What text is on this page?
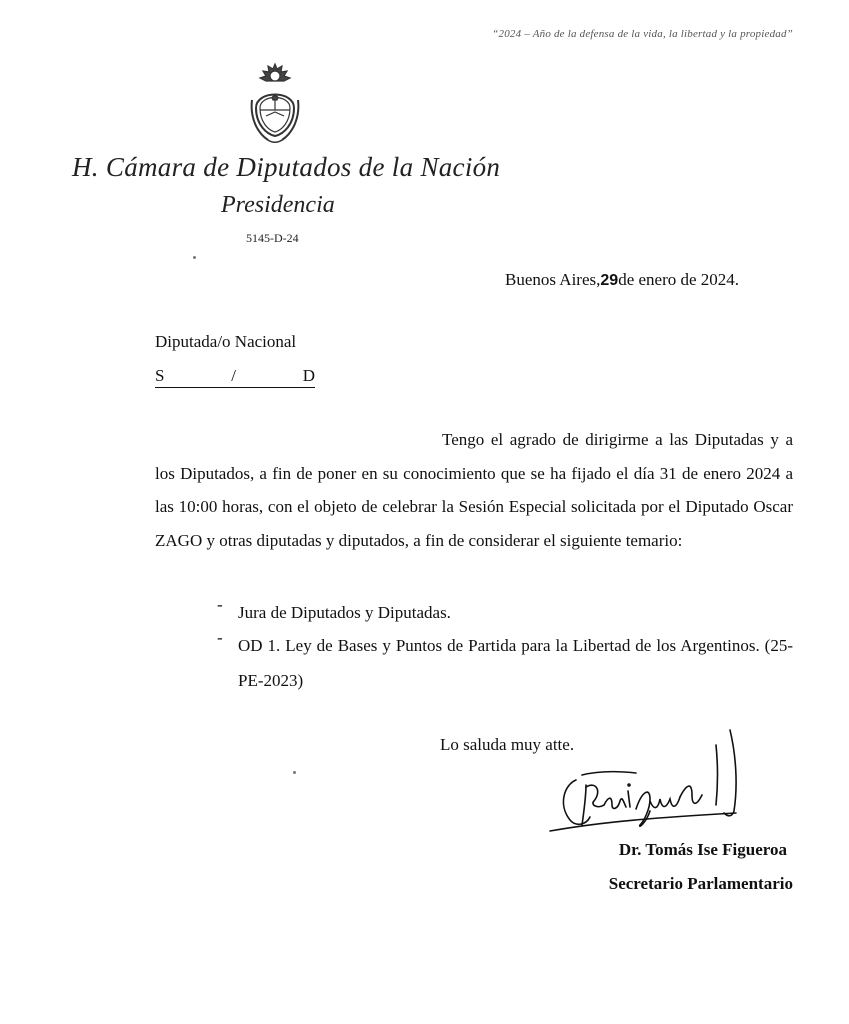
“2024 – Año de la defensa de la vida, la libertad y la propiedad”
H. Cámara de Diputados de la Nación
Presidencia
5145-D-24
Buenos Aires,29de enero de 2024.
Diputada/o Nacional
S	/	D
Tengo el agrado de dirigirme a las Diputadas y a los Diputados, a fin de poner en su conocimiento que se ha fijado el día 31 de enero 2024 a las 10:00 horas, con el objeto de celebrar la Sesión Especial solicitada por el Diputado Oscar ZAGO y otras diputadas y diputados, a fin de considerar el siguiente temario:
- Jura de Diputados y Diputadas.
- OD 1. Ley de Bases y Puntos de Partida para la Libertad de los Argentinos. (25-PE-2023)
Lo saluda muy atte.
Dr. Tomás Ise Figueroa
Secretario Parlamentario
